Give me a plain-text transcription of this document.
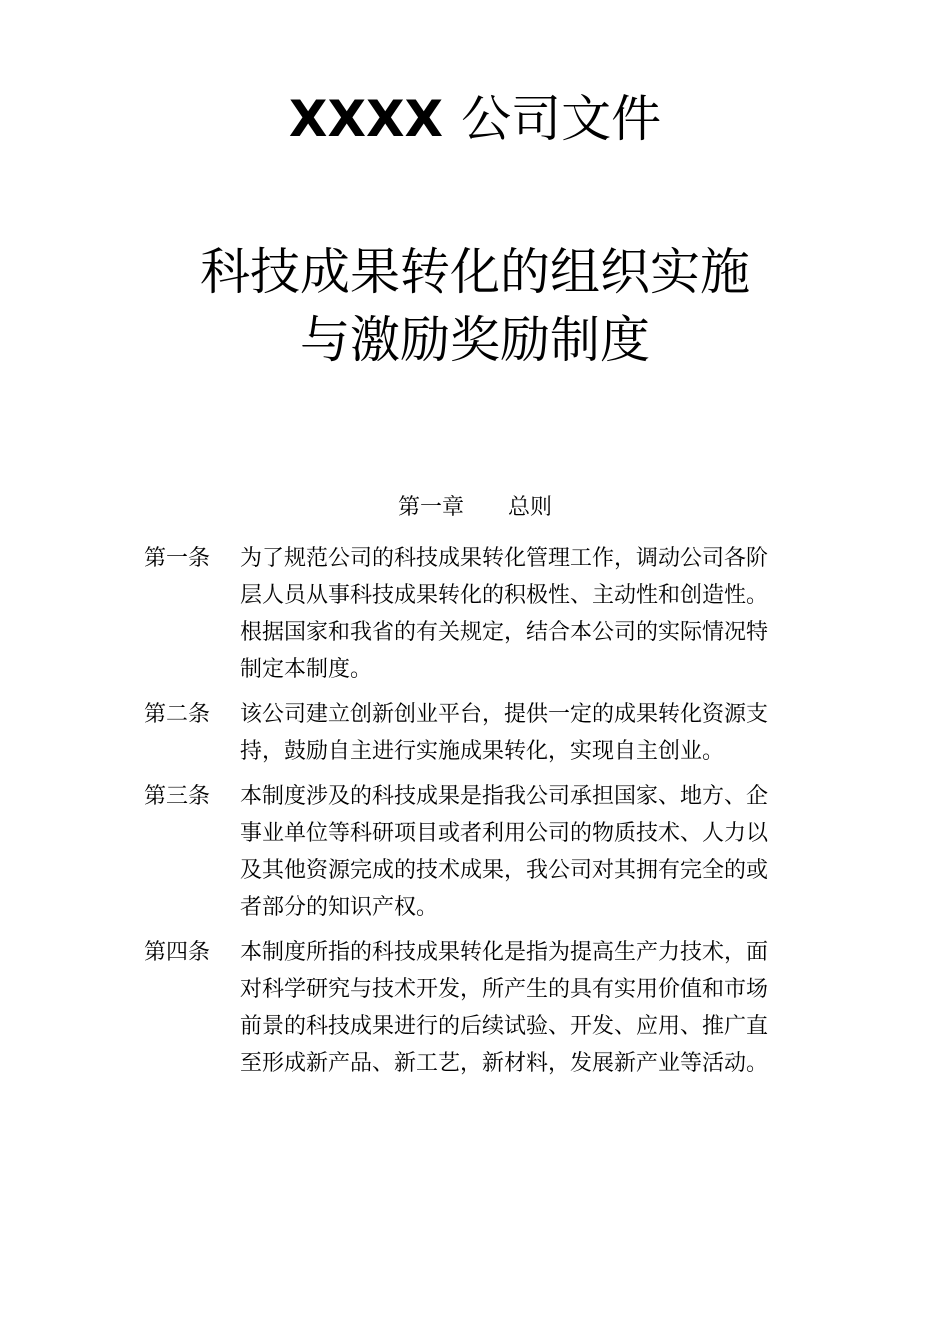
XXXX 公司文件
科技成果转化的组织实施
与激励奖励制度
第一章　　总则
第一条	为了规范公司的科技成果转化管理工作，调动公司各阶
层人员从事科技成果转化的积极性、主动性和创造性。
根据国家和我省的有关规定，结合本公司的实际情况特
制定本制度。
第二条	该公司建立创新创业平台，提供一定的成果转化资源支
持，鼓励自主进行实施成果转化，实现自主创业。
第三条	本制度涉及的科技成果是指我公司承担国家、地方、企
事业单位等科研项目或者利用公司的物质技术、人力以
及其他资源完成的技术成果，我公司对其拥有完全的或
者部分的知识产权。
第四条	本制度所指的科技成果转化是指为提高生产力技术，面
对科学研究与技术开发，所产生的具有实用价值和市场
前景的科技成果进行的后续试验、开发、应用、推广直
至形成新产品、新工艺，新材料，发展新产业等活动。
